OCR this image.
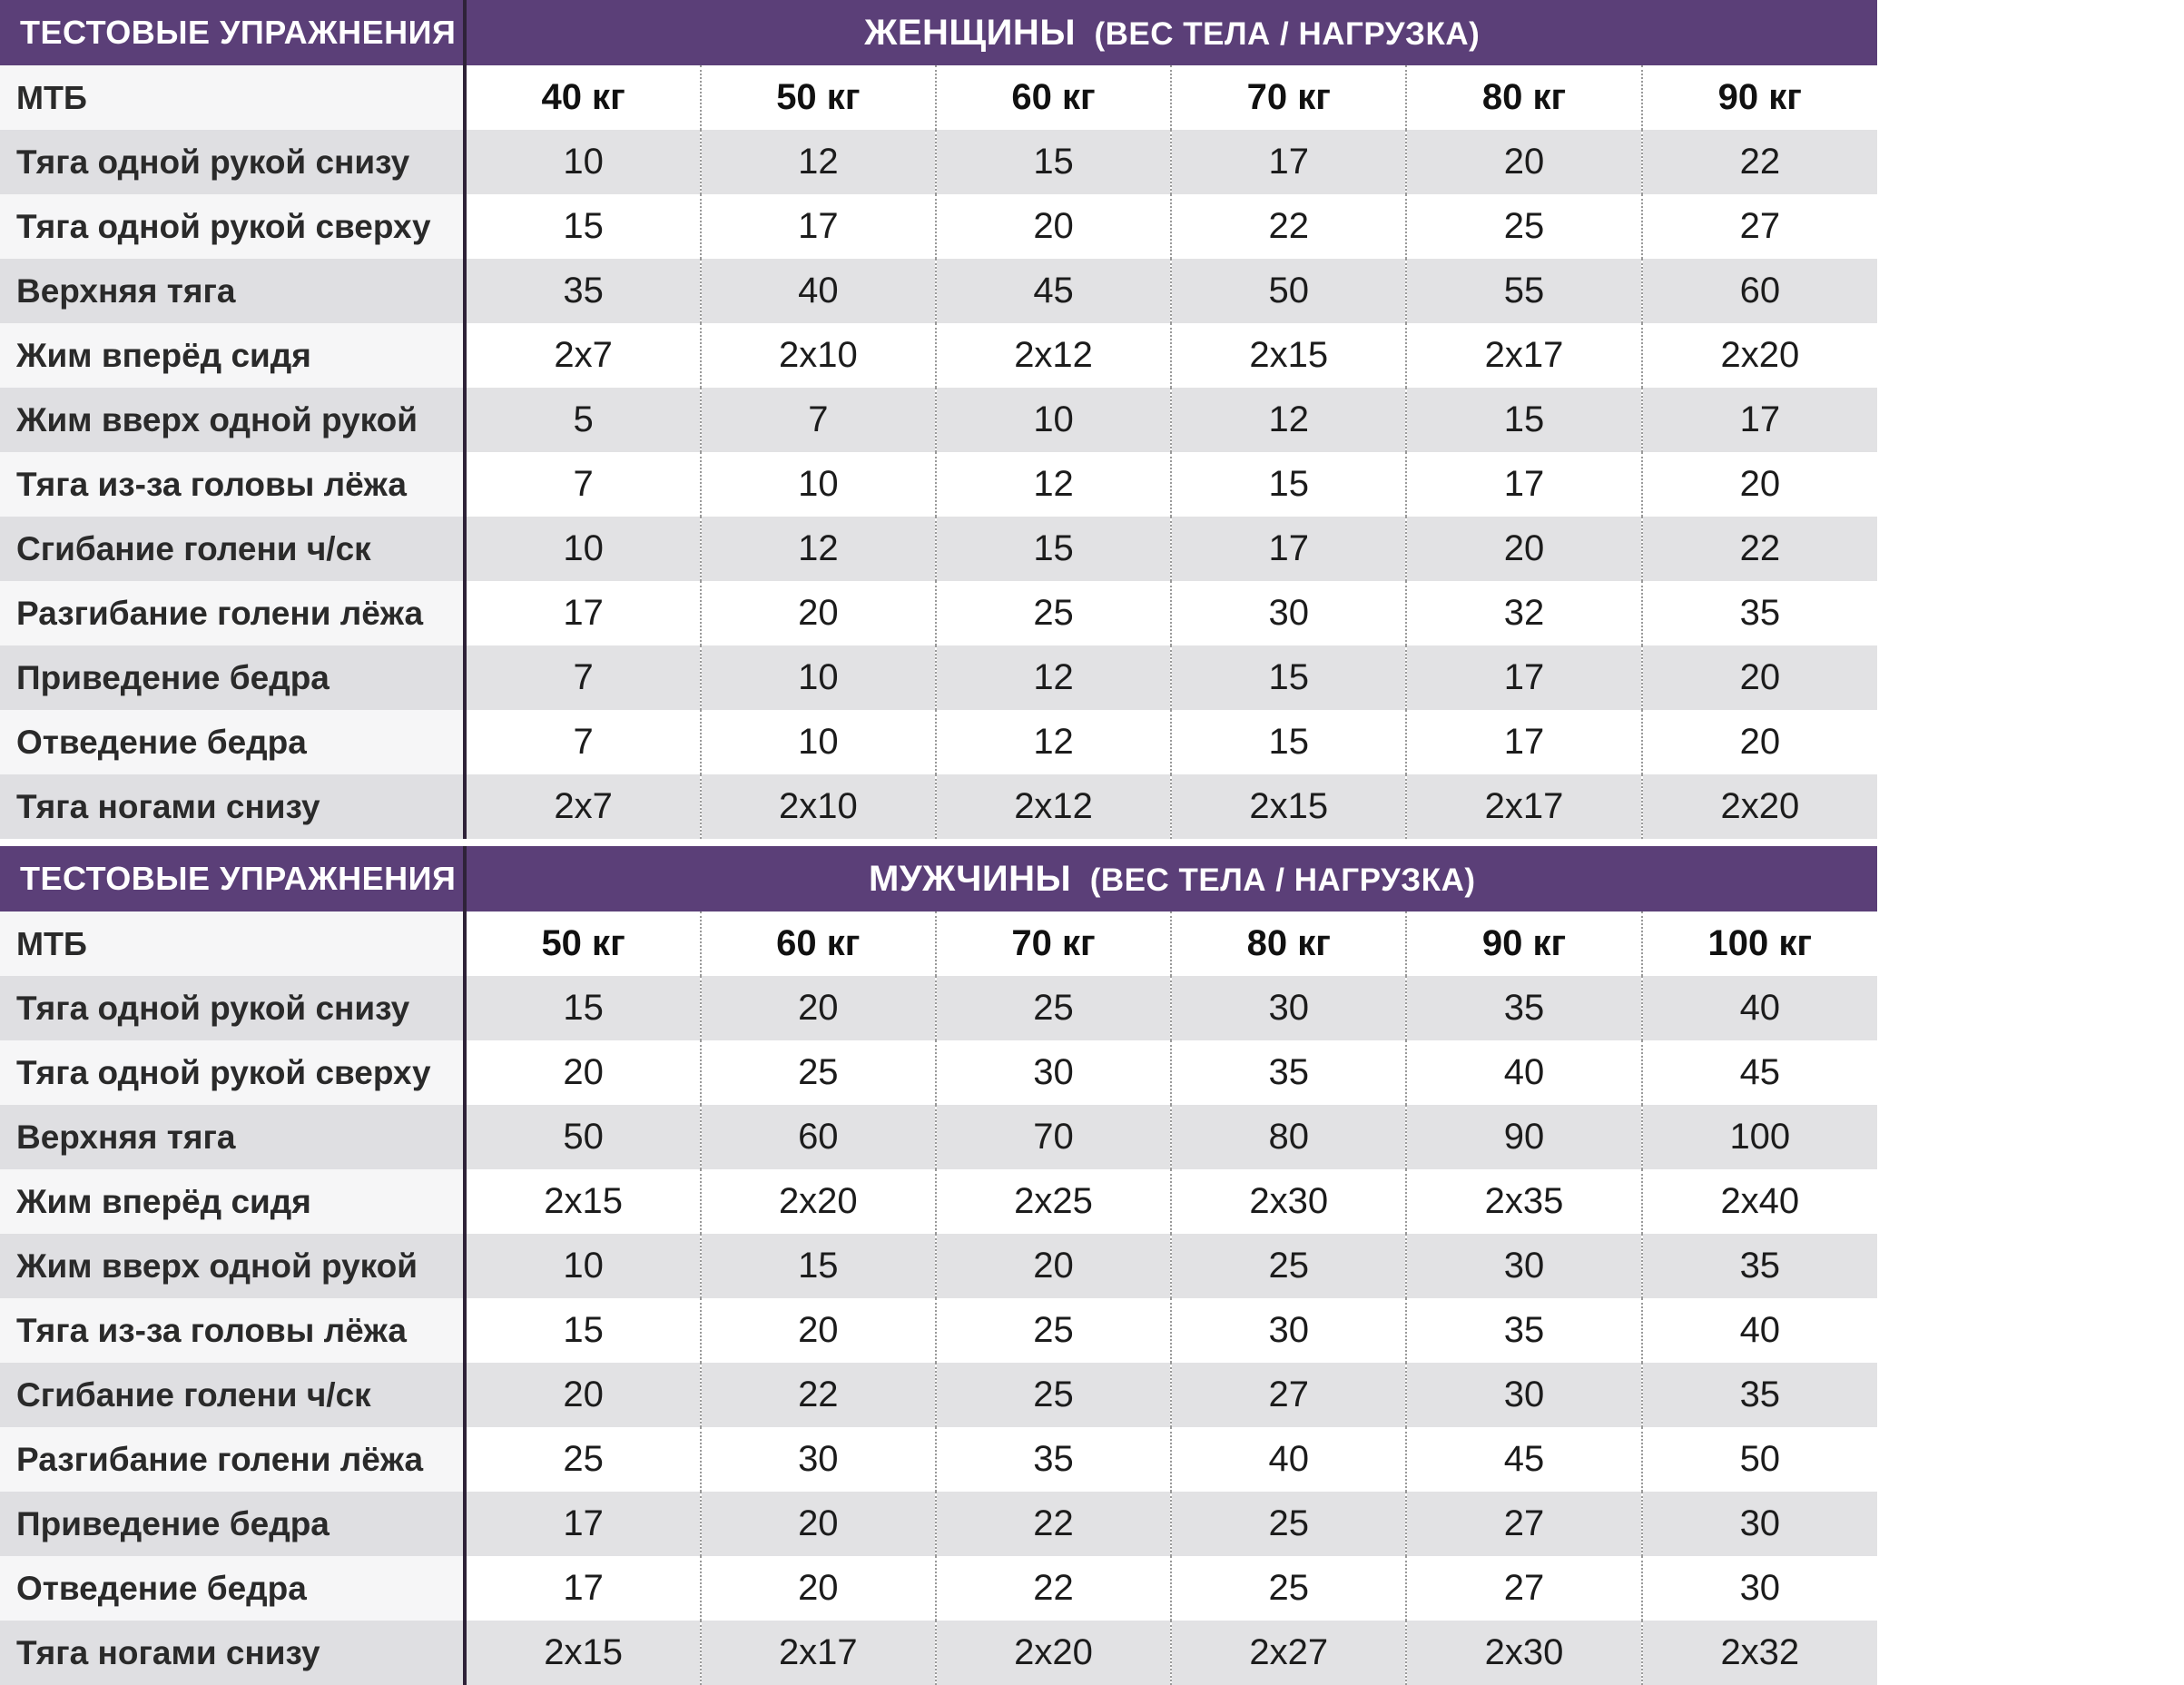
ТЕСТОВЫЕ УПРАЖНЕНИЯ	ЖЕНЩИНЫ (ВЕС ТЕЛА / НАГРУЗКА)					
МТБ	40 кг	50 кг	60 кг	70 кг	80 кг	90 кг
Тяга одной рукой снизу	10	12	15	17	20	22
Тяга одной рукой сверху	15	17	20	22	25	27
Верхняя тяга	35	40	45	50	55	60
Жим вперёд сидя	2x7	2x10	2x12	2x15	2x17	2x20
Жим вверх одной рукой	5	7	10	12	15	17
Тяга из-за головы лёжа	7	10	12	15	17	20
Сгибание голени ч/ск	10	12	15	17	20	22
Разгибание голени лёжа	17	20	25	30	32	35
Приведение бедра	7	10	12	15	17	20
Отведение бедра	7	10	12	15	17	20
Тяга ногами снизу	2x7	2x10	2x12	2x15	2x17	2x20
ТЕСТОВЫЕ УПРАЖНЕНИЯ	МУЖЧИНЫ (ВЕС ТЕЛА / НАГРУЗКА)					
МТБ	50 кг	60 кг	70 кг	80 кг	90 кг	100 кг
Тяга одной рукой снизу	15	20	25	30	35	40
Тяга одной рукой сверху	20	25	30	35	40	45
Верхняя тяга	50	60	70	80	90	100
Жим вперёд сидя	2x15	2x20	2x25	2x30	2x35	2x40
Жим вверх одной рукой	10	15	20	25	30	35
Тяга из-за головы лёжа	15	20	25	30	35	40
Сгибание голени ч/ск	20	22	25	27	30	35
Разгибание голени лёжа	25	30	35	40	45	50
Приведение бедра	17	20	22	25	27	30
Отведение бедра	17	20	22	25	27	30
Тяга ногами снизу	2x15	2x17	2x20	2x27	2x30	2x32
